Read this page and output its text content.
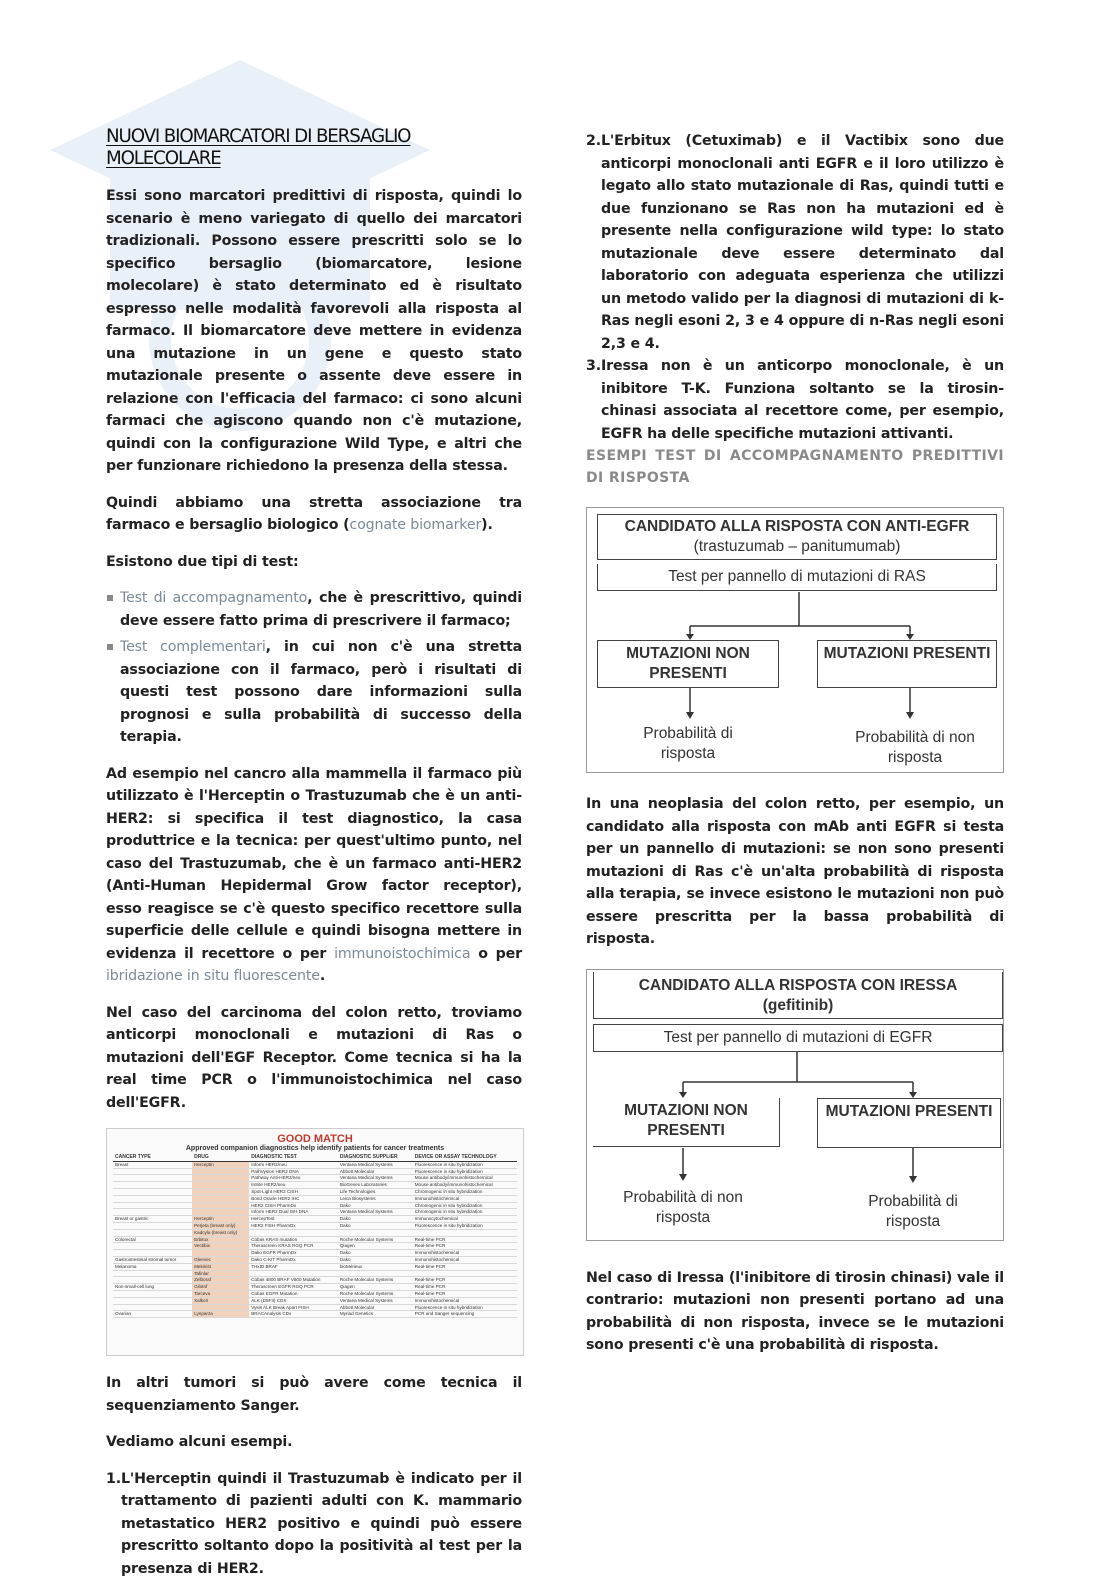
NUOVI BIOMARCATORI DI BERSAGLIO MOLECOLARE

Essi sono marcatori predittivi di risposta, quindi lo scenario è meno variegato di quello dei marcatori tradizionali. Possono essere prescritti solo se lo specifico bersaglio (biomarcatore, lesione molecolare) è stato determinato ed è risultato espresso nelle modalità favorevoli alla risposta al farmaco. Il biomarcatore deve mettere in evidenza una mutazione in un gene e questo stato mutazionale presente o assente deve essere in relazione con l'efficacia del farmaco: ci sono alcuni farmaci che agiscono quando non c'è mutazione, quindi con la configurazione Wild Type, e altri che per funzionare richiedono la presenza della stessa.

Quindi abbiamo una stretta associazione tra farmaco e bersaglio biologico (cognate biomarker).

Esistono due tipi di test:

Test di accompagnamento, che è prescrittivo, quindi deve essere fatto prima di prescrivere il farmaco;
Test complementari, in cui non c'è una stretta associazione con il farmaco, però i risultati di questi test possono dare informazioni sulla prognosi e sulla probabilità di successo della terapia.

Ad esempio nel cancro alla mammella il farmaco più utilizzato è l'Herceptin o Trastuzumab che è un anti-HER2: si specifica il test diagnostico, la casa produttrice e la tecnica: per quest'ultimo punto, nel caso del Trastuzumab, che è un farmaco anti-HER2 (Anti-Human Hepidermal Grow factor receptor), esso reagisce se c'è questo specifico recettore sulla superficie delle cellule e quindi bisogna mettere in evidenza il recettore o per immunoistochimica o per ibridazione in situ fluorescente.

Nel caso del carcinoma del colon retto, troviamo anticorpi monoclonali e mutazioni di Ras o mutazioni dell'EGF Receptor. Come tecnica si ha la real time PCR o l'immunoistochimica nel caso dell'EGFR.

GOOD MATCH
Approved companion diagnostics help identify patients for cancer treatments
CANCER TYPE	DRUG	DIAGNOSTIC TEST	DIAGNOSTIC SUPPLIER	DEVICE OR ASSAY TECHNOLOGY
Breast	Herceptin	Inform HER2/neu	Ventana Medical Systems	Fluorescence in situ hybridization
		PathVysion HER2 DNA	Abbott Molecular	Fluorescence in situ hybridization
		Pathway Anti-HER2/neu	Ventana Medical Systems	Mouse antibody/immunohistochemical
		InSite HER2/neu	BioGenex Laboratories	Mouse antibody/immunohistochemical
		Spot-Light HER2 CISH	Life Technologies	Chromogenic in situ hybridization
		Bond Oracle HER2 IHC	Leica Biosystems	Immunohistochemical
		HER2 CISH PharmDx	Dako	Chromogenic in situ hybridization
		Inform HER2 Dual ISH DNA	Ventana Medical Systems	Chromogenic in situ hybridization
Breast or gastric	Herceptin	HercepTest	Dako	Immunocytochemical
	Perjeta (breast only)	HER2 FISH PharmDx	Dako	Fluorescence in situ hybridization
	Kadcyla (breast only)			
Colorectal	Erbitux	Cobas KRAS mutation	Roche Molecular Systems	Real-time PCR
	Vectibix	Therascreen KRAS RGQ PCR	Qiagen	Real-time PCR
		Dako EGFR PharmDx	Dako	Immunohistochemical
Gastrointestinal stromal tumor	Gleevec	Dako C-KIT PharmDx	Dako	Immunohistochemical
Melanoma	Mekinist	THxID BRAF	bioMérieux	Real-time PCR
	Tafinlar			
	Zelboraf	Cobas 4800 BRAF V600 Mutation	Roche Molecular Systems	Real-time PCR
Non-small-cell lung	Gilotrif	Therascreen EGFR RGQ PCR	Qiagen	Real-time PCR
	Tarceva	Cobas EGFR Mutation	Roche Molecular Systems	Real-time PCR
	Xalkori	ALK (D5F3) CDX	Ventana Medical Systems	Immunohistochemical
		Vysis ALK Break Apart FISH	Abbott Molecular	Fluorescence in situ hybridization
Ovarian	Lynparza	BRACAnalysis CDx	Myriad Genetics	PCR and Sanger sequencing

In altri tumori si può avere come tecnica il sequenziamento Sanger.

Vediamo alcuni esempi.

1. L'Herceptin quindi il Trastuzumab è indicato per il trattamento di pazienti adulti con K. mammario metastatico HER2 positivo e quindi può essere prescritto soltanto dopo la positività al test per la presenza di HER2.
2. L'Erbitux (Cetuximab) e il Vactibix sono due anticorpi monoclonali anti EGFR e il loro utilizzo è legato allo stato mutazionale di Ras, quindi tutti e due funzionano se Ras non ha mutazioni ed è presente nella configurazione wild type: lo stato mutazionale deve essere determinato dal laboratorio con adeguata esperienza che utilizzi un metodo valido per la diagnosi di mutazioni di k-Ras negli esoni 2, 3 e 4 oppure di n-Ras negli esoni 2,3 e 4.
3. Iressa non è un anticorpo monoclonale, è un inibitore T-K. Funziona soltanto se la tirosin-chinasi associata al recettore come, per esempio, EGFR ha delle specifiche mutazioni attivanti.

ESEMPI TEST DI ACCOMPAGNAMENTO PREDITTIVI DI RISPOSTA

CANDIDATO ALLA RISPOSTA CON ANTI-EGFR
(trastuzumab – panitumumab)
Test per pannello di mutazioni di RAS
MUTAZIONI NON PRESENTI
MUTAZIONI PRESENTI
Probabilità di risposta
Probabilità di non risposta

In una neoplasia del colon retto, per esempio, un candidato alla risposta con mAb anti EGFR si testa per un pannello di mutazioni: se non sono presenti mutazioni di Ras c'è un'alta probabilità di risposta alla terapia, se invece esistono le mutazioni non può essere prescritta per la bassa probabilità di risposta.

CANDIDATO ALLA RISPOSTA CON IRESSA
(gefitinib)
Test per pannello di mutazioni di EGFR
MUTAZIONI NON PRESENTI
MUTAZIONI PRESENTI
Probabilità di non risposta
Probabilità di risposta

Nel caso di Iressa (l'inibitore di tirosin chinasi) vale il contrario: mutazioni non presenti portano ad una probabilità di non risposta, invece se le mutazioni sono presenti c'è una probabilità di risposta.
